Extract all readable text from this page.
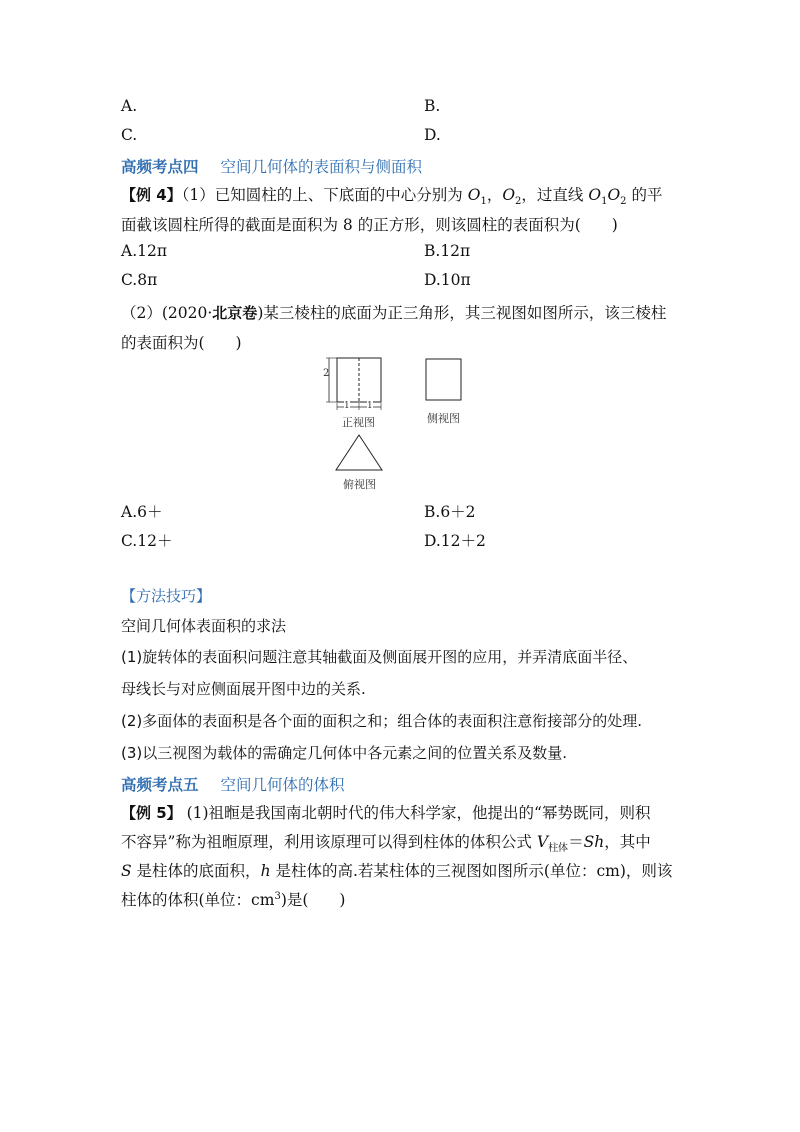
A.	B.
C.	D.
高频考点四 空间几何体的表面积与侧面积
【例 4】（1）已知圆柱的上、下底面的中心分别为 $O_1$，$O_2$，过直线 $O_1O_2$ 的平
面截该圆柱所得的截面是面积为 8 的正方形，则该圆柱的表面积为(　　)
A.12π	B.12π
C.8π	D.10π
（2）(2020·北京卷)某三棱柱的底面为正三角形，其三视图如图所示，该三棱柱
的表面积为(　　)
2
1 1
正视图	侧视图
俯视图
A.6＋	B.6＋2
C.12＋	D.12＋2
【方法技巧】
空间几何体表面积的求法
(1)旋转体的表面积问题注意其轴截面及侧面展开图的应用，并弄清底面半径、
母线长与对应侧面展开图中边的关系.
(2)多面体的表面积是各个面的面积之和；组合体的表面积注意衔接部分的处理.
(3)以三视图为载体的需确定几何体中各元素之间的位置关系及数量.
高频考点五 空间几何体的体积
【例 5】 (1)祖暅是我国南北朝时代的伟大科学家，他提出的“幂势既同，则积
不容异”称为祖暅原理，利用该原理可以得到柱体的体积公式 $V_{柱体}=Sh$，其中
S 是柱体的底面积，h 是柱体的高.若某柱体的三视图如图所示(单位：cm)，则该
柱体的体积(单位：$cm^3$)是(　　)
